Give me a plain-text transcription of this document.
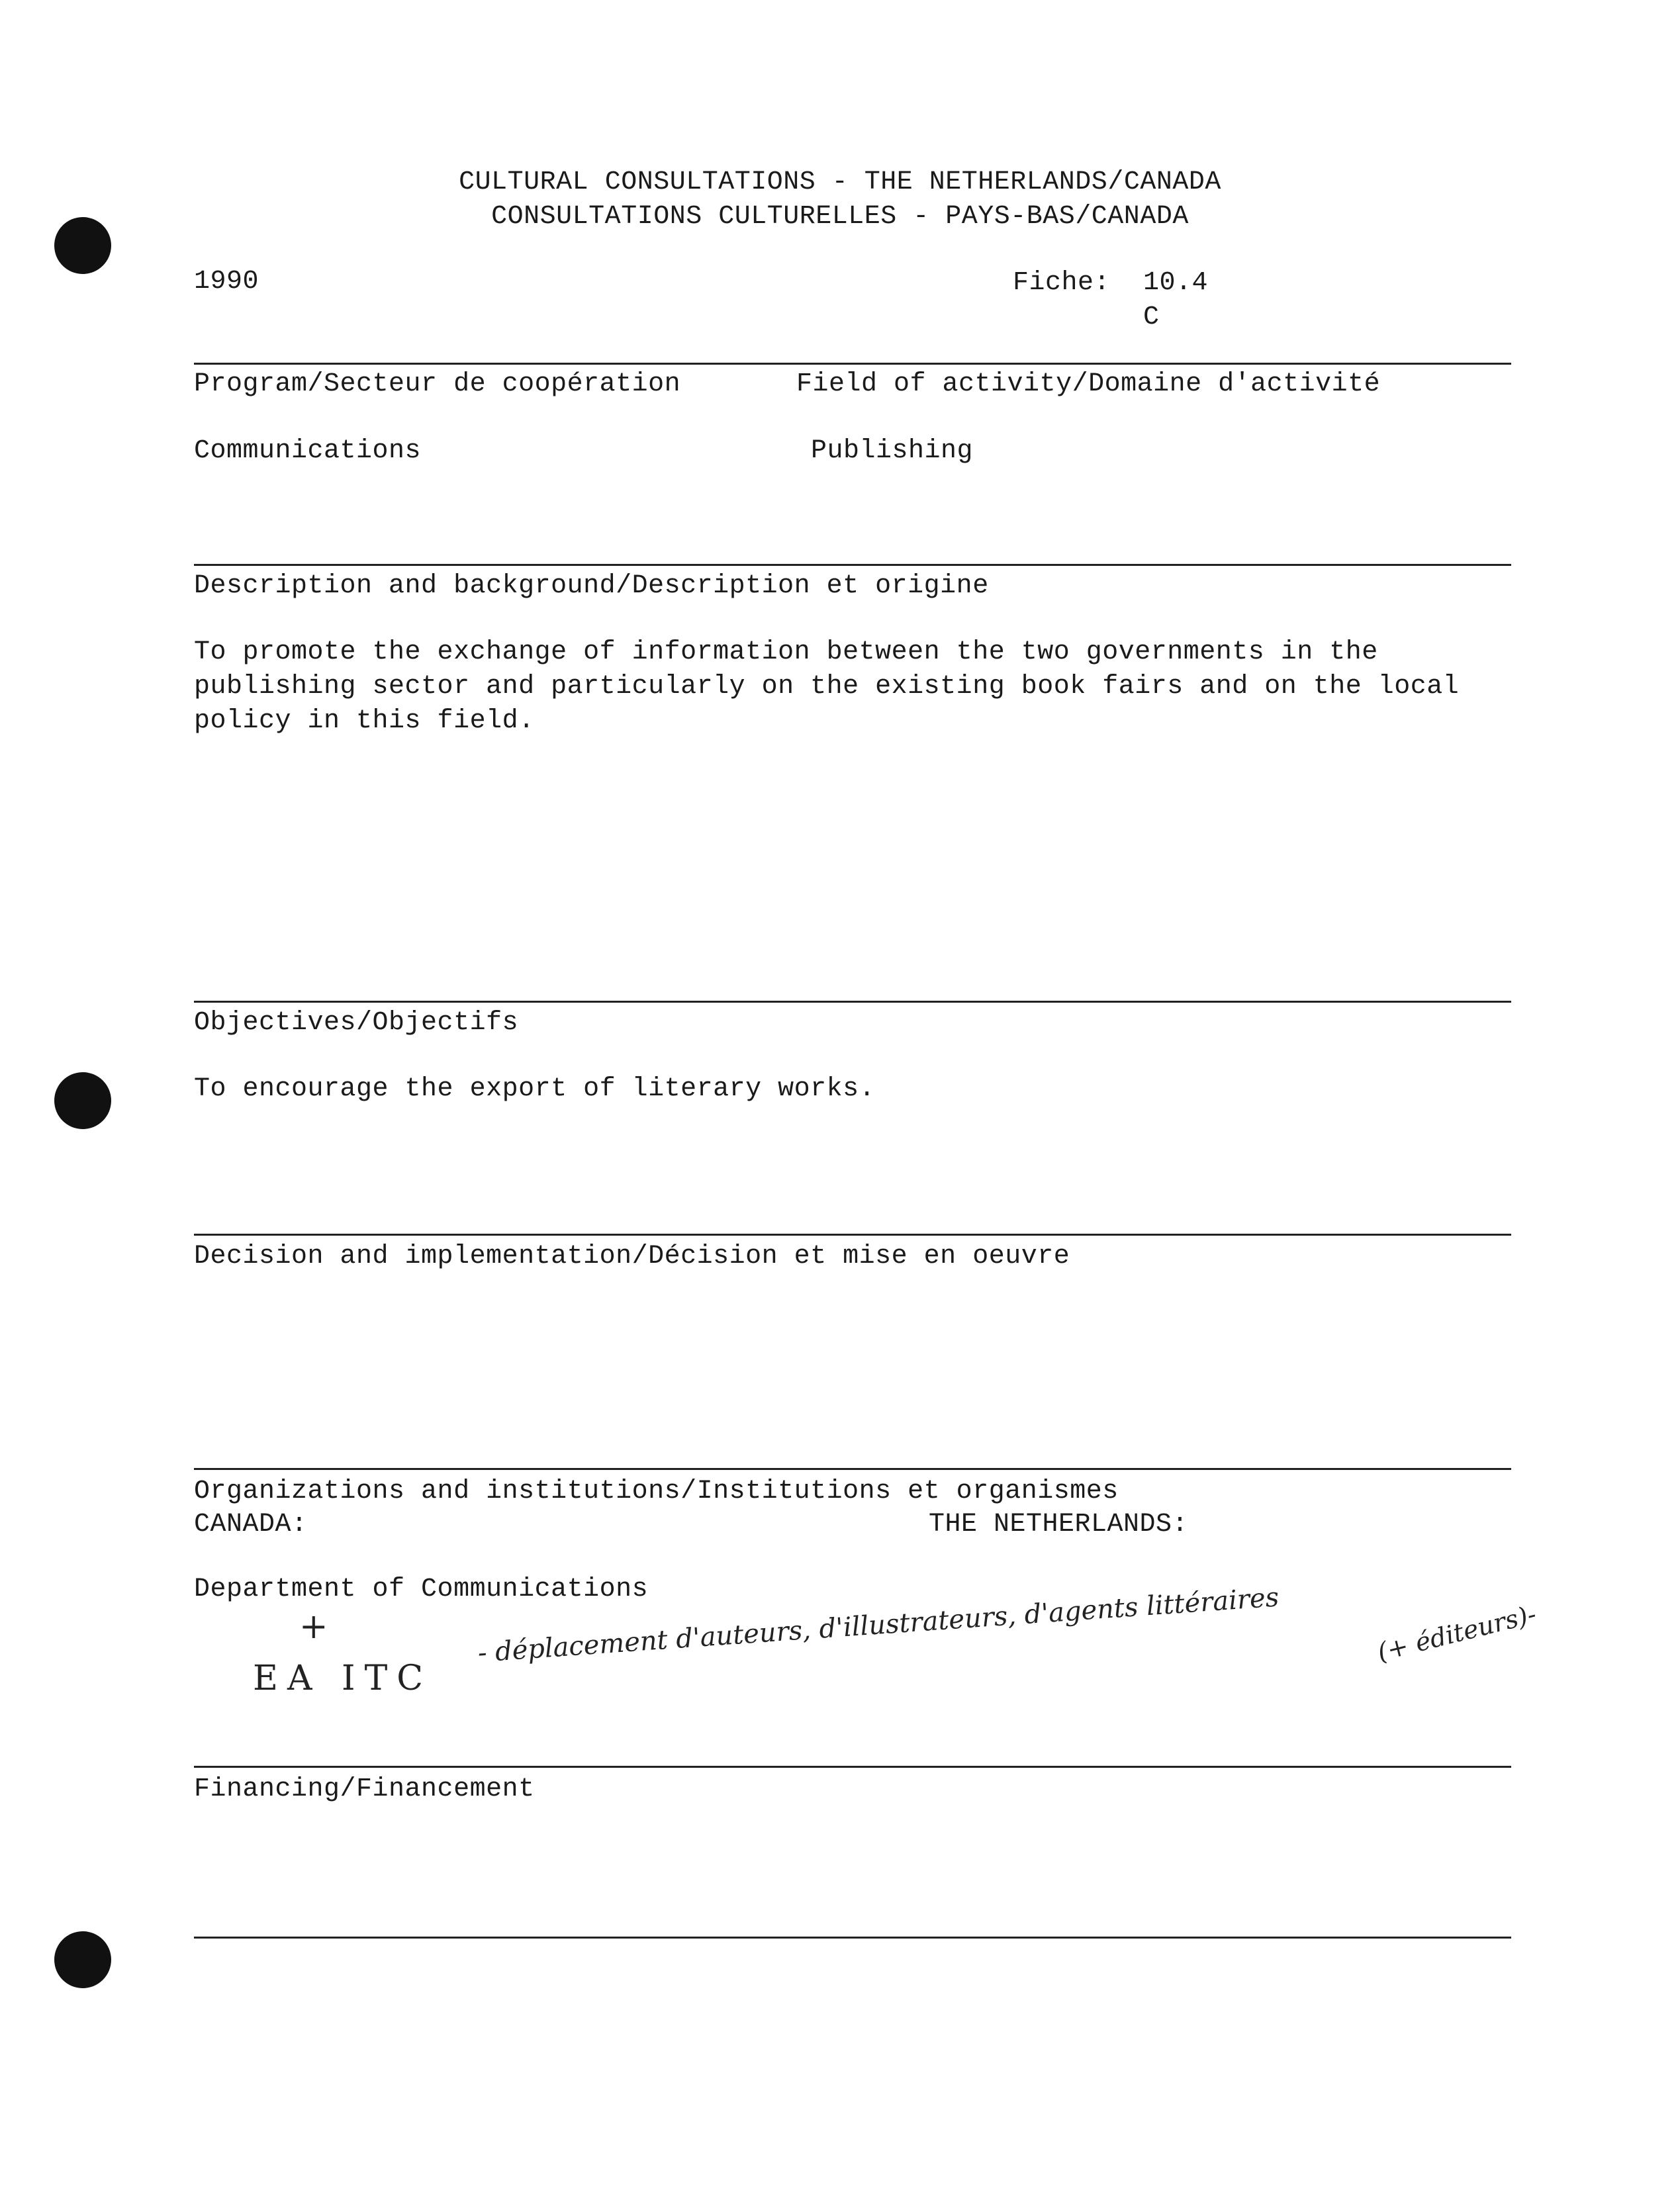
CULTURAL CONSULTATIONS - THE NETHERLANDS/CANADA
CONSULTATIONS CULTURELLES - PAYS-BAS/CANADA
1990	Fiche: 10.4
C
Program/Secteur de coopération	Field of activity/Domaine d'activité
Communications	Publishing
Description and background/Description et origine
To promote the exchange of information between the two governments in the
publishing sector and particularly on the existing book fairs and on the local
policy in this field.
Objectives/Objectifs
To encourage the export of literary works.
Decision and implementation/Décision et mise en oeuvre
Organizations and institutions/Institutions et organismes
CANADA:	THE NETHERLANDS:
Department of Communications
+
EA ITC
- déplacement d'auteurs, d'illustrateurs, d'agents littéraires	(+ éditeurs)-
Financing/Financement
